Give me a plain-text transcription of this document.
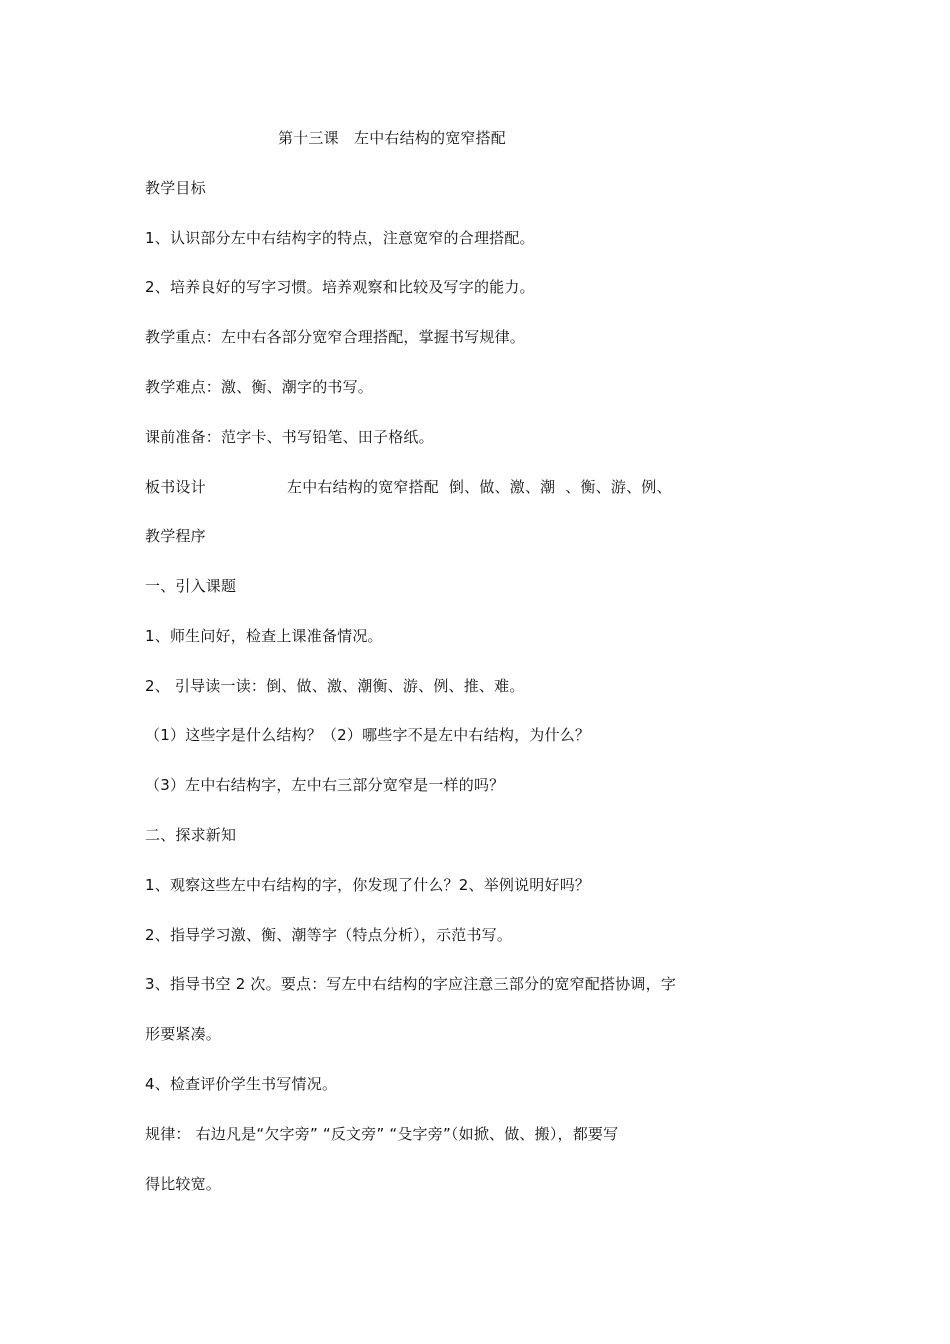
第十三课　左中右结构的宽窄搭配
教学目标
1、认识部分左中右结构字的特点，注意宽窄的合理搭配。
2、培养良好的写字习惯。培养观察和比较及写字的能力。
教学重点：左中右各部分宽窄合理搭配，掌握书写规律。
教学难点：激、衡、潮字的书写。
课前准备：范字卡、书写铅笔、田子格纸。
板书设计	左中右结构的宽窄搭配  倒、做、激、潮  、衡、游、例、
教学程序
一、引入课题
1、师生问好，检查上课准备情况。
2、 引导读一读：倒、做、激、潮衡、游、例、推、难。
（1）这些字是什么结构？（2）哪些字不是左中右结构，为什么？
（3）左中右结构字，左中右三部分宽窄是一样的吗？
二、探求新知
1、观察这些左中右结构的字，你发现了什么？2、举例说明好吗？
2、指导学习激、衡、潮等字（特点分析），示范书写。
3、指导书空 2 次。要点：写左中右结构的字应注意三部分的宽窄配搭协调，字
形要紧凑。
4、检查评价学生书写情况。
规律： 右边凡是“欠字旁” “反文旁” “殳字旁”（如掀、做、搬），都要写
得比较宽。
